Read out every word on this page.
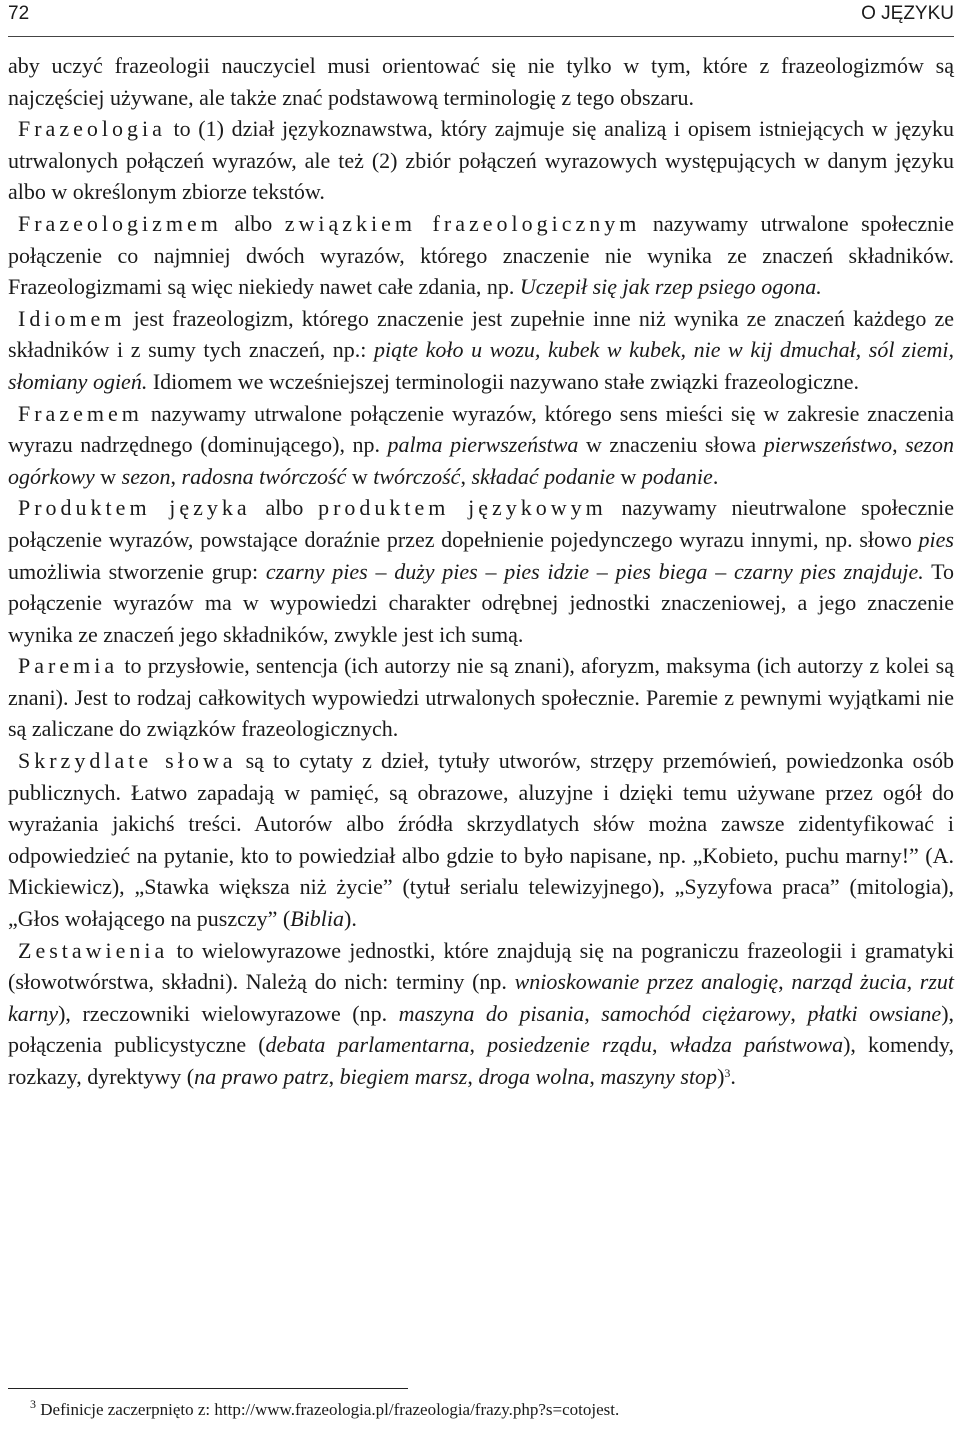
72	O JĘZYKU

aby uczyć frazeologii nauczyciel musi orientować się nie tylko w tym, które z frazeologizmów są najczęściej używane, ale także znać podstawową terminologię z tego obszaru.

Frazeologia to (1) dział językoznawstwa, który zajmuje się analizą i opisem istniejących w języku utrwalonych połączeń wyrazów, ale też (2) zbiór połączeń wyrazowych występujących w danym języku albo w określonym zbiorze tekstów.

Frazeologizmem albo związkiem frazeologicznym nazywamy utrwalone społecznie połączenie co najmniej dwóch wyrazów, którego znaczenie nie wynika ze znaczeń składników. Frazeologizmami są więc niekiedy nawet całe zdania, np. Uczepił się jak rzep psiego ogona.

Idiomem jest frazeologizm, którego znaczenie jest zupełnie inne niż wynika ze znaczeń każdego ze składników i z sumy tych znaczeń, np.: piąte koło u wozu, kubek w kubek, nie w kij dmuchał, sól ziemi, słomiany ogień. Idiomem we wcześniejszej terminologii nazywano stałe związki frazeologiczne.

Frazemem nazywamy utrwalone połączenie wyrazów, którego sens mieści się w zakresie znaczenia wyrazu nadrzędnego (dominującego), np. palma pierwszeństwa w znaczeniu słowa pierwszeństwo, sezon ogórkowy w sezon, radosna twórczość w twórczość, składać podanie w podanie.

Produktem języka albo produktem językowym nazywamy nieutrwalone społecznie połączenie wyrazów, powstające doraźnie przez dopełnienie pojedynczego wyrazu innymi, np. słowo pies umożliwia stworzenie grup: czarny pies – duży pies – pies idzie – pies biega – czarny pies znajduje. To połączenie wyrazów ma w wypowiedzi charakter odrębnej jednostki znaczeniowej, a jego znaczenie wynika ze znaczeń jego składników, zwykle jest ich sumą.

Paremia to przysłowie, sentencja (ich autorzy nie są znani), aforyzm, maksyma (ich autorzy z kolei są znani). Jest to rodzaj całkowitych wypowiedzi utrwalonych społecznie. Paremie z pewnymi wyjątkami nie są zaliczane do związków frazeologicznych.

Skrzydlate słowa są to cytaty z dzieł, tytuły utworów, strzępy przemówień, powiedzonka osób publicznych. Łatwo zapadają w pamięć, są obrazowe, aluzyjne i dzięki temu używane przez ogół do wyrażania jakichś treści. Autorów albo źródła skrzydlatych słów można zawsze zidentyfikować i odpowiedzieć na pytanie, kto to powiedział albo gdzie to było napisane, np. „Kobieto, puchu marny!” (A. Mickiewicz), „Stawka większa niż życie” (tytuł serialu telewizyjnego), „Syzyfowa praca” (mitologia), „Głos wołającego na puszczy” (Biblia).

Zestawienia to wielowyrazowe jednostki, które znajdują się na pograniczu frazeologii i gramatyki (słowotwórstwa, składni). Należą do nich: terminy (np. wnioskowanie przez analogię, narząd żucia, rzut karny), rzeczowniki wielowyrazowe (np. maszyna do pisania, samochód ciężarowy, płatki owsiane), połączenia publicystyczne (debata parlamentarna, posiedzenie rządu, władza państwowa), komendy, rozkazy, dyrektywy (na prawo patrz, biegiem marsz, droga wolna, maszyny stop)$^3$.

$^3$ Definicje zaczerpnięto z: http://www.frazeologia.pl/frazeologia/frazy.php?s=cotojest.
